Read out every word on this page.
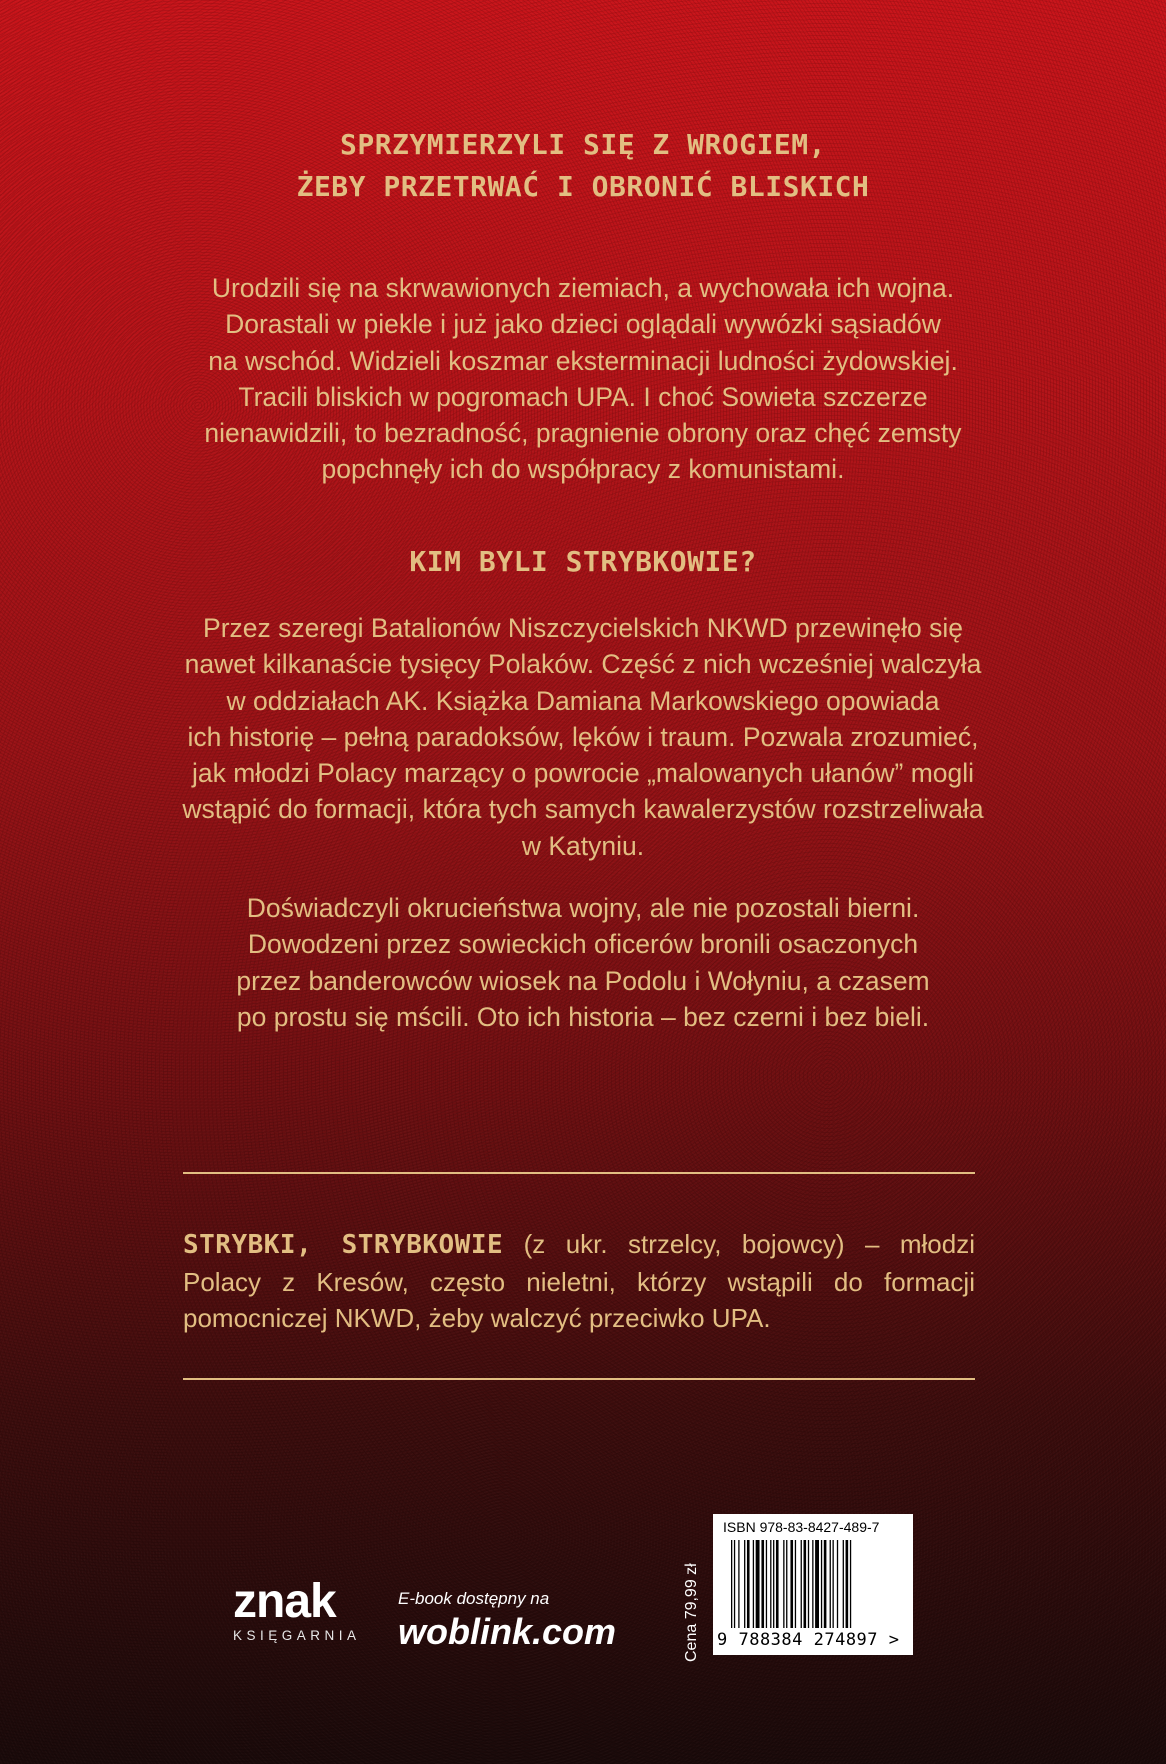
SPRZYMIERZYLI SIĘ Z WROGIEM,
ŻEBY PRZETRWAĆ I OBRONIĆ BLISKICH
Urodzili się na skrwawionych ziemiach, a wychowała ich wojna.
Dorastali w piekle i już jako dzieci oglądali wywózki sąsiadów
na wschód. Widzieli koszmar eksterminacji ludności żydowskiej.
Tracili bliskich w pogromach UPA. I choć Sowieta szczerze
nienawidzili, to bezradność, pragnienie obrony oraz chęć zemsty
popchnęły ich do współpracy z komunistami.
KIM BYLI STRYBKOWIE?
Przez szeregi Batalionów Niszczycielskich NKWD przewinęło się
nawet kilkanaście tysięcy Polaków. Część z nich wcześniej walczyła
w oddziałach AK. Książka Damiana Markowskiego opowiada
ich historię – pełną paradoksów, lęków i traum. Pozwala zrozumieć,
jak młodzi Polacy marzący o powrocie „malowanych ułanów” mogli
wstąpić do formacji, która tych samych kawalerzystów rozstrzeliwała
w Katyniu.
Doświadczyli okrucieństwa wojny, ale nie pozostali bierni.
Dowodzeni przez sowieckich oficerów bronili osaczonych
przez banderowców wiosek na Podolu i Wołyniu, a czasem
po prostu się mścili. Oto ich historia – bez czerni i bez bieli.
STRYBKI, STRYBKOWIE (z ukr. strzelcy, bojowcy) – młodzi
Polacy z Kresów, często nieletni, którzy wstąpili do formacji
pomocniczej NKWD, żeby walczyć przeciwko UPA.
znak
KSIĘGARNIA
E-book dostępny na
woblink.com	Cena 79,99 zł
ISBN 978-83-8427-489-7
9 788384 274897 >
